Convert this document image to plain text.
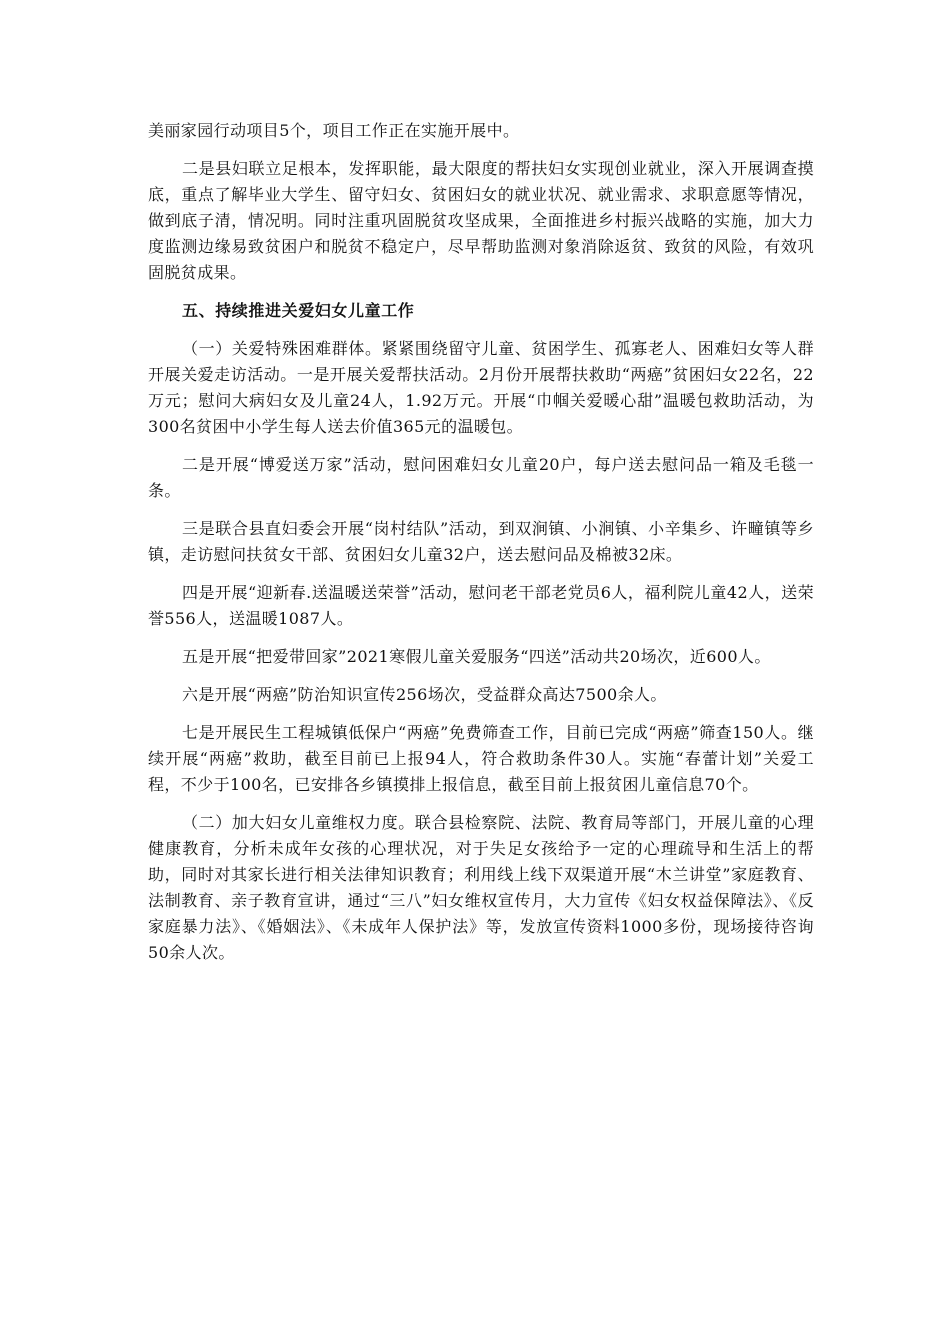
美丽家园行动项目5个，项目工作正在实施开展中。

二是县妇联立足根本，发挥职能，最大限度的帮扶妇女实现创业就业，深入开展调查摸底，重点了解毕业大学生、留守妇女、贫困妇女的就业状况、就业需求、求职意愿等情况，做到底子清，情况明。同时注重巩固脱贫攻坚成果，全面推进乡村振兴战略的实施，加大力度监测边缘易致贫困户和脱贫不稳定户，尽早帮助监测对象消除返贫、致贫的风险，有效巩固脱贫成果。

五、持续推进关爱妇女儿童工作

（一）关爱特殊困难群体。紧紧围绕留守儿童、贫困学生、孤寡老人、困难妇女等人群开展关爱走访活动。一是开展关爱帮扶活动。2月份开展帮扶救助“两癌”贫困妇女22名，22万元；慰问大病妇女及儿童24人，1.92万元。开展“巾帼关爱暖心甜”温暖包救助活动，为300名贫困中小学生每人送去价值365元的温暖包。

二是开展“博爱送万家”活动，慰问困难妇女儿童20户，每户送去慰问品一箱及毛毯一条。

三是联合县直妇委会开展“岗村结队”活动，到双涧镇、小涧镇、小辛集乡、许疃镇等乡镇，走访慰问扶贫女干部、贫困妇女儿童32户，送去慰问品及棉被32床。

四是开展“迎新春.送温暖送荣誉”活动，慰问老干部老党员6人，福利院儿童42人，送荣誉556人，送温暖1087人。

五是开展“把爱带回家”2021寒假儿童关爱服务“四送”活动共20场次，近600人。

六是开展“两癌”防治知识宣传256场次，受益群众高达7500余人。

七是开展民生工程城镇低保户“两癌”免费筛查工作，目前已完成“两癌”筛查150人。继续开展“两癌”救助，截至目前已上报94人，符合救助条件30人。实施“春蕾计划”关爱工程，不少于100名，已安排各乡镇摸排上报信息，截至目前上报贫困儿童信息70个。

（二）加大妇女儿童维权力度。联合县检察院、法院、教育局等部门，开展儿童的心理健康教育，分析未成年女孩的心理状况，对于失足女孩给予一定的心理疏导和生活上的帮助，同时对其家长进行相关法律知识教育；利用线上线下双渠道开展“木兰讲堂”家庭教育、法制教育、亲子教育宣讲，通过“三八”妇女维权宣传月，大力宣传《妇女权益保障法》、《反家庭暴力法》、《婚姻法》、《未成年人保护法》等，发放宣传资料1000多份，现场接待咨询50余人次。
